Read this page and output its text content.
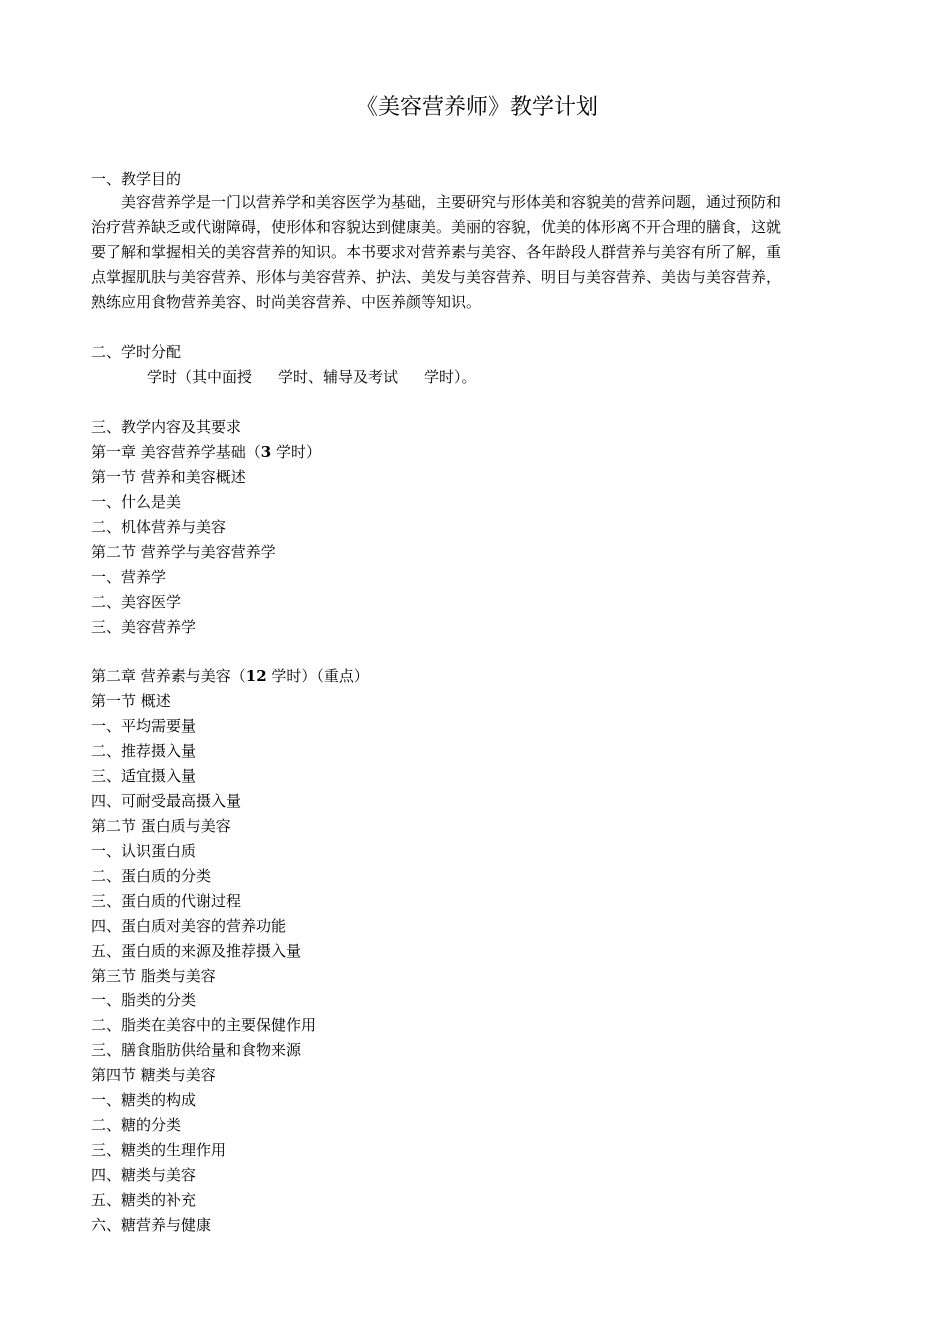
《美容营养师》教学计划
一、教学目的
美容营养学是一门以营养学和美容医学为基础，主要研究与形体美和容貌美的营养问题，通过预防和
治疗营养缺乏或代谢障碍，使形体和容貌达到健康美。美丽的容貌，优美的体形离不开合理的膳食，这就
要了解和掌握相关的美容营养的知识。本书要求对营养素与美容、各年龄段人群营养与美容有所了解，重
点掌握肌肤与美容营养、形体与美容营养、护法、美发与美容营养、明目与美容营养、美齿与美容营养，
熟练应用食物营养美容、时尚美容营养、中医养颜等知识。
二、学时分配
学时（其中面授 学时、辅导及考试 学时）。
三、教学内容及其要求
第一章 美容营养学基础（3 学时）
第一节 营养和美容概述
一、什么是美
二、机体营养与美容
第二节 营养学与美容营养学
一、营养学
二、美容医学
三、美容营养学
第二章 营养素与美容（12 学时）（重点）
第一节 概述
一、平均需要量
二、推荐摄入量
三、适宜摄入量
四、可耐受最高摄入量
第二节 蛋白质与美容
一、认识蛋白质
二、蛋白质的分类
三、蛋白质的代谢过程
四、蛋白质对美容的营养功能
五、蛋白质的来源及推荐摄入量
第三节 脂类与美容
一、脂类的分类
二、脂类在美容中的主要保健作用
三、膳食脂肪供给量和食物来源
第四节 糖类与美容
一、糖类的构成
二、糖的分类
三、糖类的生理作用
四、糖类与美容
五、糖类的补充
六、糖营养与健康
